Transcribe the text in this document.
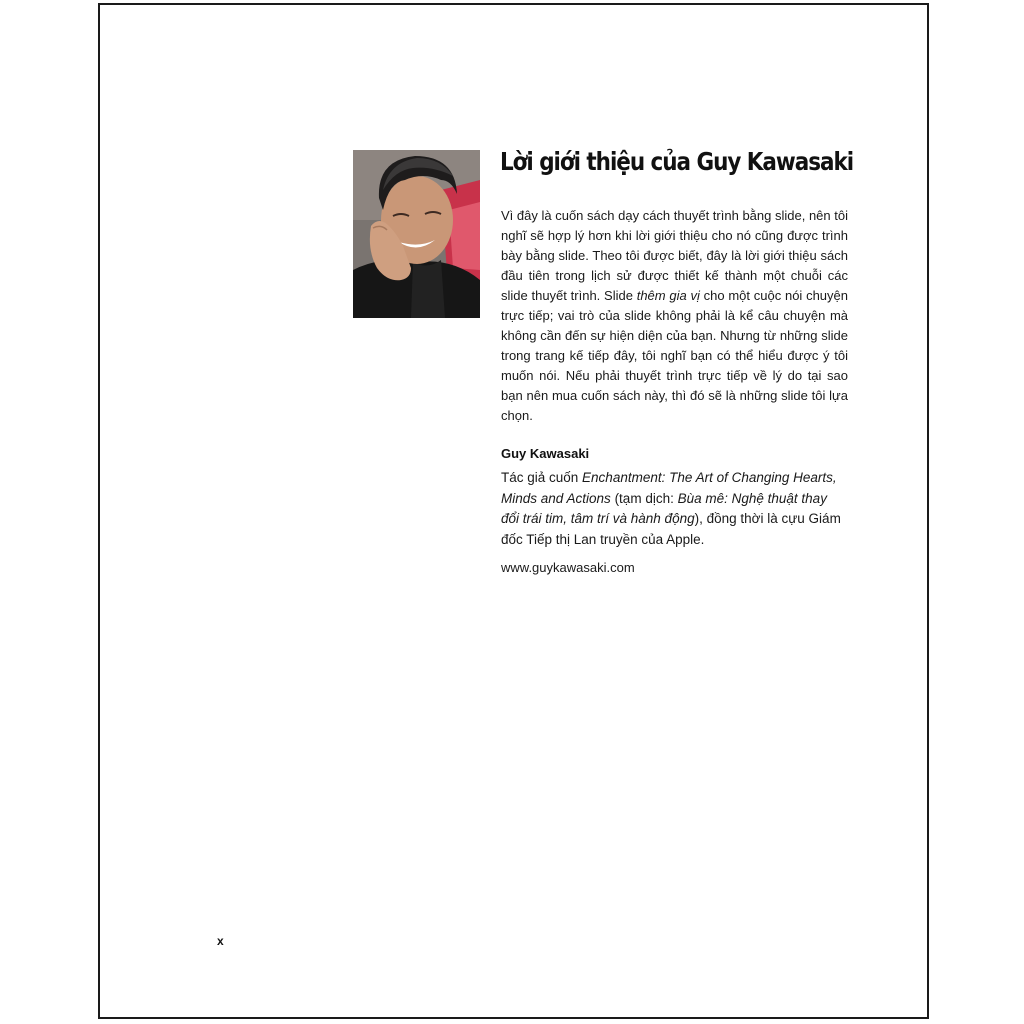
Lời giới thiệu của Guy Kawasaki

Vì đây là cuốn sách dạy cách thuyết trình bằng slide, nên tôi nghĩ sẽ hợp lý hơn khi lời giới thiệu cho nó cũng được trình bày bằng slide. Theo tôi được biết, đây là lời giới thiệu sách đầu tiên trong lịch sử được thiết kế thành một chuỗi các slide thuyết trình. Slide thêm gia vị cho một cuộc nói chuyện trực tiếp; vai trò của slide không phải là kể câu chuyện mà không cần đến sự hiện diện của bạn. Nhưng từ những slide trong trang kế tiếp đây, tôi nghĩ bạn có thể hiểu được ý tôi muốn nói. Nếu phải thuyết trình trực tiếp về lý do tại sao bạn nên mua cuốn sách này, thì đó sẽ là những slide tôi lựa chọn.

Guy Kawasaki

Tác giả cuốn Enchantment: The Art of Changing Hearts, Minds and Actions (tạm dịch: Bùa mê: Nghệ thuật thay đổi trái tim, tâm trí và hành động), đồng thời là cựu Giám đốc Tiếp thị Lan truyền của Apple.

www.guykawasaki.com

x
